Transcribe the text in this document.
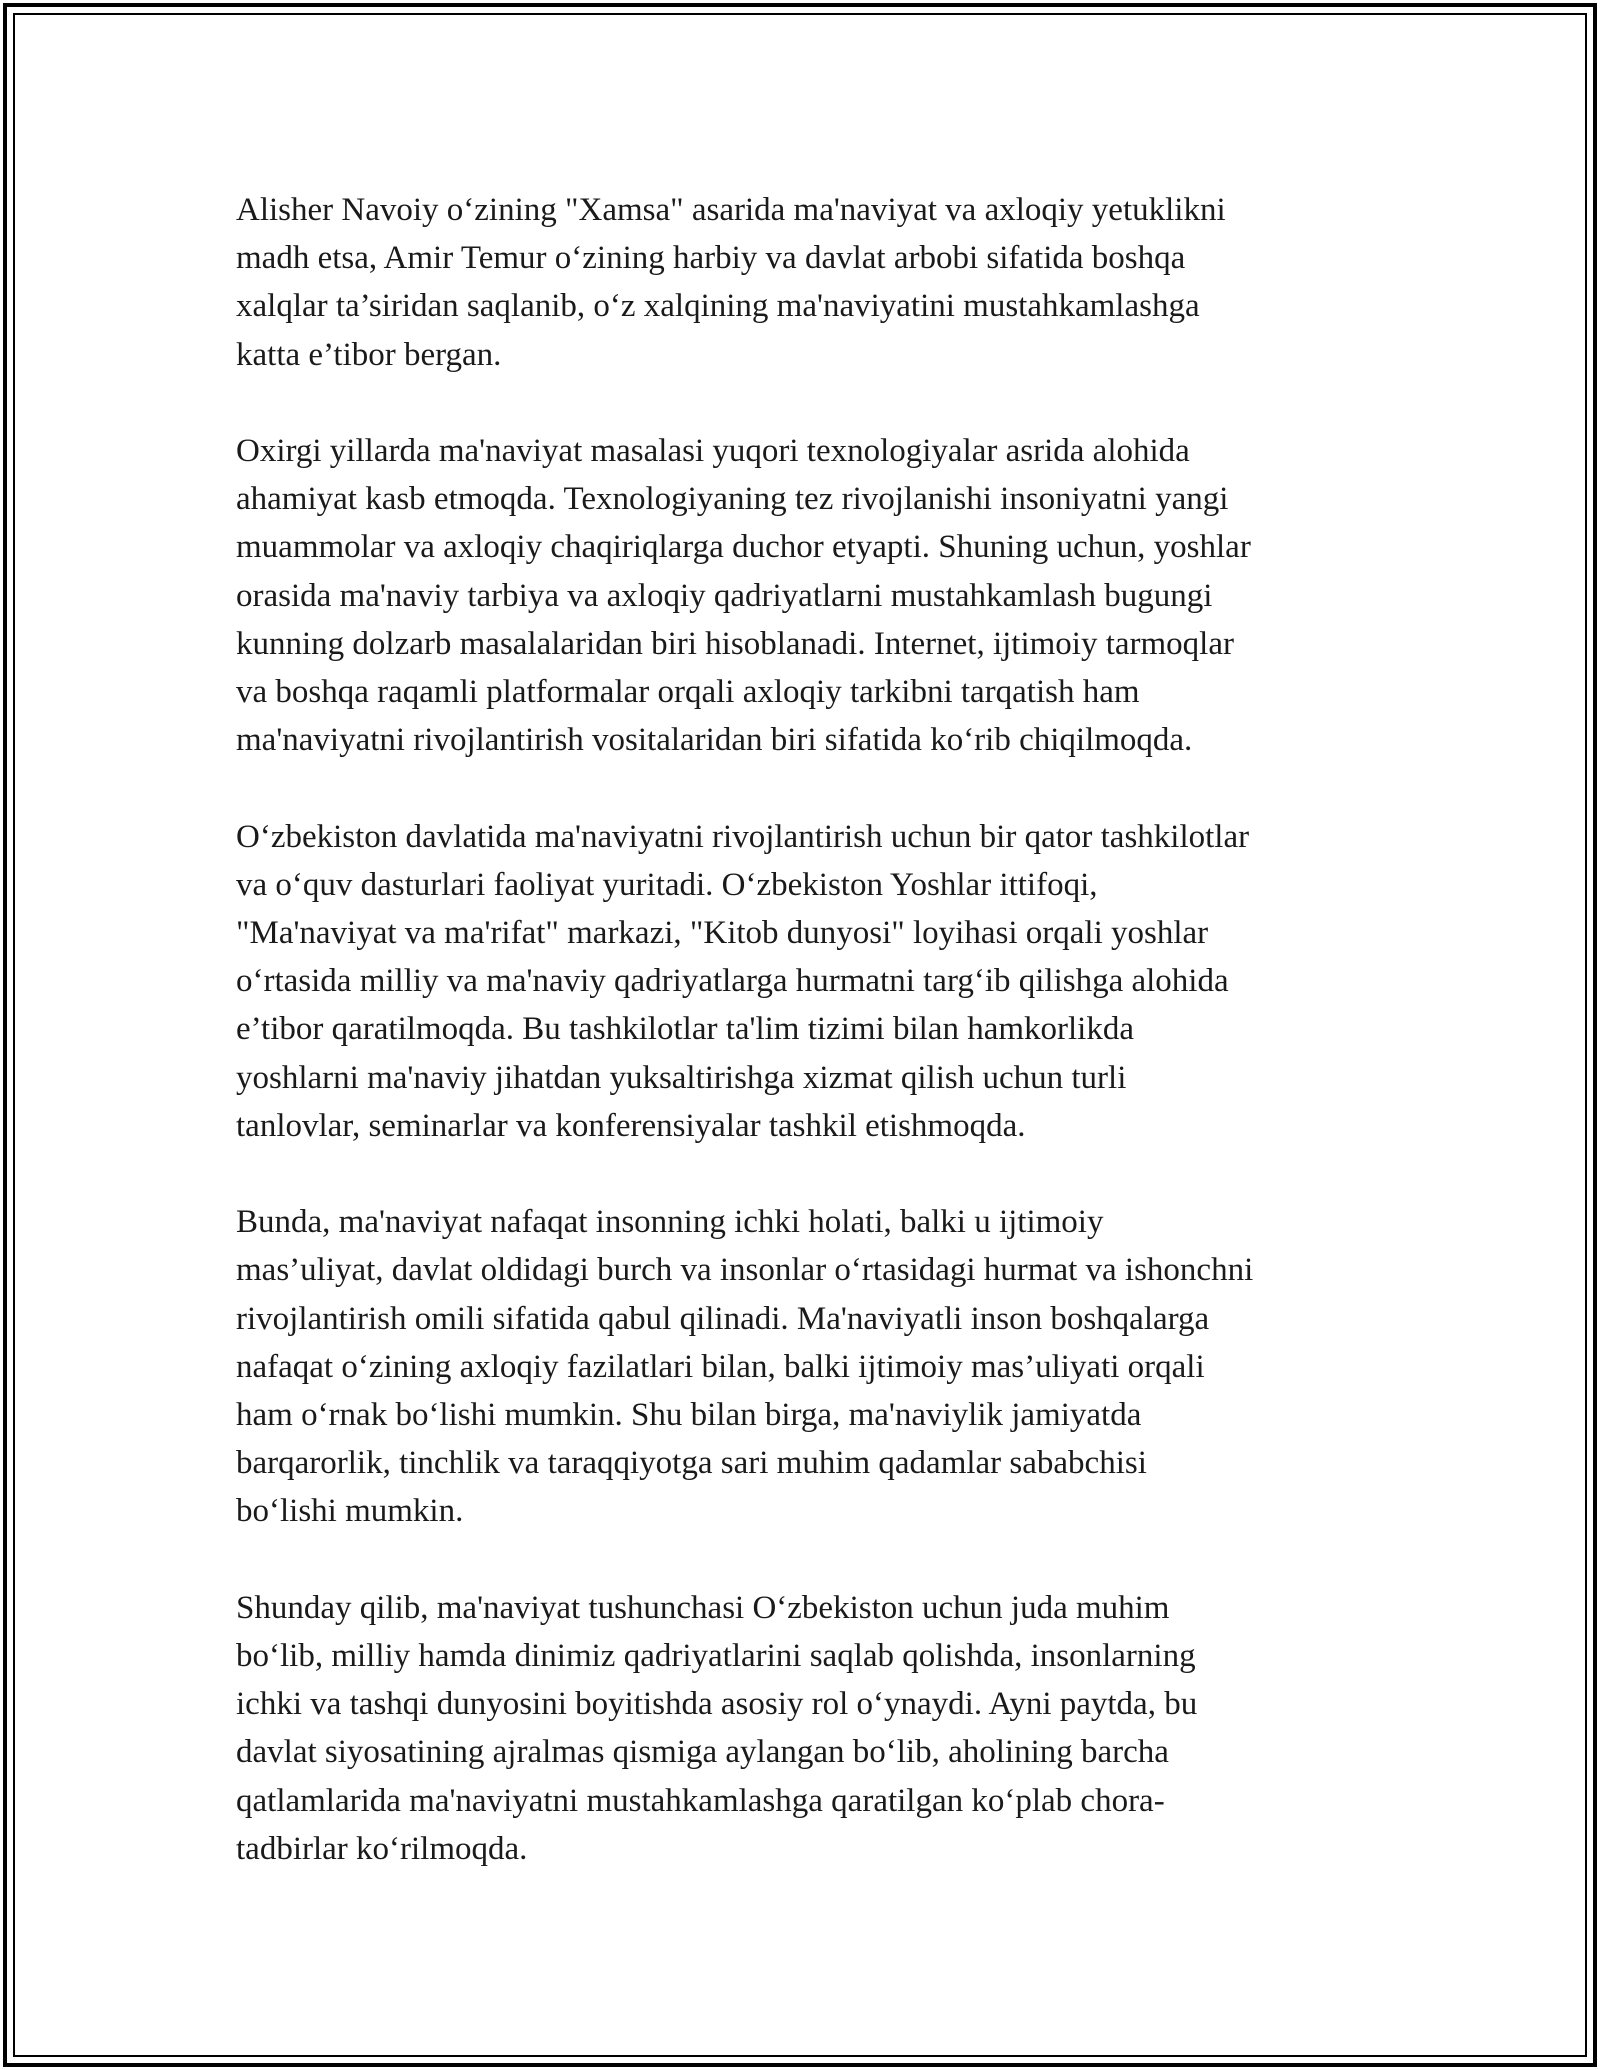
Alisher Navoiy o‘zining "Xamsa" asarida ma'naviyat va axloqiy yetuklikni
madh etsa, Amir Temur o‘zining harbiy va davlat arbobi sifatida boshqa
xalqlar ta’siridan saqlanib, o‘z xalqining ma'naviyatini mustahkamlashga
katta e’tibor bergan.

Oxirgi yillarda ma'naviyat masalasi yuqori texnologiyalar asrida alohida
ahamiyat kasb etmoqda. Texnologiyaning tez rivojlanishi insoniyatni yangi
muammolar va axloqiy chaqiriqlarga duchor etyapti. Shuning uchun, yoshlar
orasida ma'naviy tarbiya va axloqiy qadriyatlarni mustahkamlash bugungi
kunning dolzarb masalalaridan biri hisoblanadi. Internet, ijtimoiy tarmoqlar
va boshqa raqamli platformalar orqali axloqiy tarkibni tarqatish ham
ma'naviyatni rivojlantirish vositalaridan biri sifatida ko‘rib chiqilmoqda.

O‘zbekiston davlatida ma'naviyatni rivojlantirish uchun bir qator tashkilotlar
va o‘quv dasturlari faoliyat yuritadi. O‘zbekiston Yoshlar ittifoqi,
"Ma'naviyat va ma'rifat" markazi, "Kitob dunyosi" loyihasi orqali yoshlar
o‘rtasida milliy va ma'naviy qadriyatlarga hurmatni targ‘ib qilishga alohida
e’tibor qaratilmoqda. Bu tashkilotlar ta'lim tizimi bilan hamkorlikda
yoshlarni ma'naviy jihatdan yuksaltirishga xizmat qilish uchun turli
tanlovlar, seminarlar va konferensiyalar tashkil etishmoqda.

Bunda, ma'naviyat nafaqat insonning ichki holati, balki u ijtimoiy
mas’uliyat, davlat oldidagi burch va insonlar o‘rtasidagi hurmat va ishonchni
rivojlantirish omili sifatida qabul qilinadi. Ma'naviyatli inson boshqalarga
nafaqat o‘zining axloqiy fazilatlari bilan, balki ijtimoiy mas’uliyati orqali
ham o‘rnak bo‘lishi mumkin. Shu bilan birga, ma'naviylik jamiyatda
barqarorlik, tinchlik va taraqqiyotga sari muhim qadamlar sababchisi
bo‘lishi mumkin.

Shunday qilib, ma'naviyat tushunchasi O‘zbekiston uchun juda muhim
bo‘lib, milliy hamda dinimiz qadriyatlarini saqlab qolishda, insonlarning
ichki va tashqi dunyosini boyitishda asosiy rol o‘ynaydi. Ayni paytda, bu
davlat siyosatining ajralmas qismiga aylangan bo‘lib, aholining barcha
qatlamlarida ma'naviyatni mustahkamlashga qaratilgan ko‘plab chora-
tadbirlar ko‘rilmoqda.
